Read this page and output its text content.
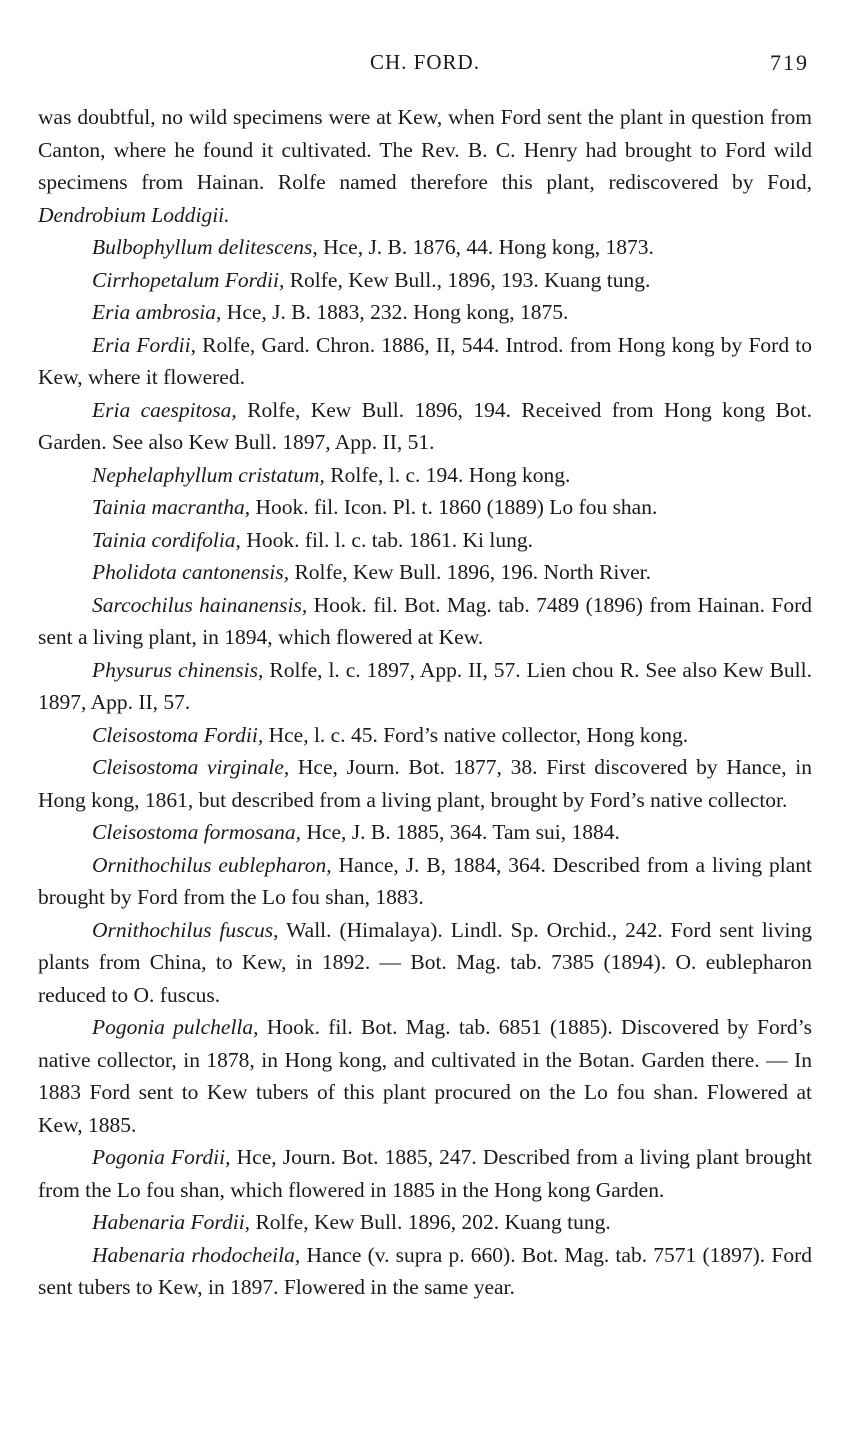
CH. FORD.	719

was doubtful, no wild specimens were at Kew, when Ford sent the plant in question from Canton, where he found it cultivated. The Rev. B. C. Henry had brought to Ford wild specimens from Hainan. Rolfe named therefore this plant, rediscovered by Foıd, Dendrobium Loddigii.

Bulbophyllum delitescens, Hce, J. B. 1876, 44. Hong kong, 1873.

Cirrhopetalum Fordii, Rolfe, Kew Bull., 1896, 193. Kuang tung.

Eria ambrosia, Hce, J. B. 1883, 232. Hong kong, 1875.

Eria Fordii, Rolfe, Gard. Chron. 1886, II, 544. Introd. from Hong kong by Ford to Kew, where it flowered.

Eria caespitosa, Rolfe, Kew Bull. 1896, 194. Received from Hong kong Bot. Garden. See also Kew Bull. 1897, App. II, 51.

Nephelaphyllum cristatum, Rolfe, l. c. 194. Hong kong.

Tainia macrantha, Hook. fil. Icon. Pl. t. 1860 (1889) Lo fou shan.

Tainia cordifolia, Hook. fil. l. c. tab. 1861. Ki lung.

Pholidota cantonensis, Rolfe, Kew Bull. 1896, 196. North River.

Sarcochilus hainanensis, Hook. fil. Bot. Mag. tab. 7489 (1896) from Hainan. Ford sent a living plant, in 1894, which flowered at Kew.

Physurus chinensis, Rolfe, l. c. 1897, App. II, 57. Lien chou R. See also Kew Bull. 1897, App. II, 57.

Cleisostoma Fordii, Hce, l. c. 45. Ford’s native collector, Hong kong.

Cleisostoma virginale, Hce, Journ. Bot. 1877, 38. First discovered by Hance, in Hong kong, 1861, but described from a living plant, brought by Ford’s native collector.

Cleisostoma formosana, Hce, J. B. 1885, 364. Tam sui, 1884.

Ornithochilus eublepharon, Hance, J. B, 1884, 364. Described from a living plant brought by Ford from the Lo fou shan, 1883.

Ornithochilus fuscus, Wall. (Himalaya). Lindl. Sp. Orchid., 242. Ford sent living plants from China, to Kew, in 1892. — Bot. Mag. tab. 7385 (1894). O. eublepharon reduced to O. fuscus.

Pogonia pulchella, Hook. fil. Bot. Mag. tab. 6851 (1885). Discovered by Ford’s native collector, in 1878, in Hong kong, and cultivated in the Botan. Garden there. — In 1883 Ford sent to Kew tubers of this plant procured on the Lo fou shan. Flowered at Kew, 1885.

Pogonia Fordii, Hce, Journ. Bot. 1885, 247. Described from a living plant brought from the Lo fou shan, which flowered in 1885 in the Hong kong Garden.

Habenaria Fordii, Rolfe, Kew Bull. 1896, 202. Kuang tung.

Habenaria rhodocheila, Hance (v. supra p. 660). Bot. Mag. tab. 7571 (1897). Ford sent tubers to Kew, in 1897. Flowered in the same year.
